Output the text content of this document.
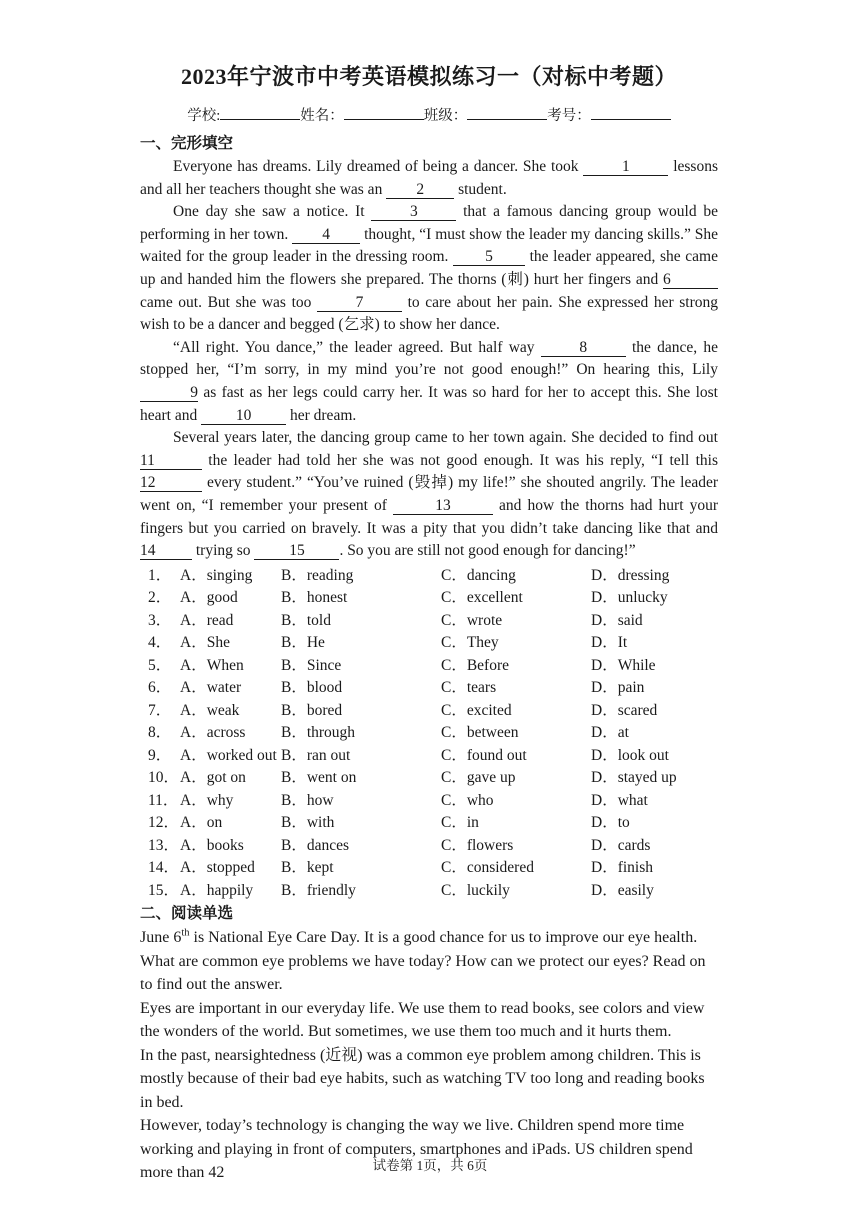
2023年宁波市中考英语模拟练习一（对标中考题）
学校:	姓名：	班级：	考号：
一、完形填空

Everyone has dreams. Lily dreamed of being a dancer. She took 1 lessons and all her teachers thought she was an 2 student.

One day she saw a notice. It 3 that a famous dancing group would be performing in her town. 4 thought, “I must show the leader my dancing skills.” She waited for the group leader in the dressing room. 5 the leader appeared, she came up and handed him the flowers she prepared. The thorns (刺) hurt her fingers and 6 came out. But she was too 7 to care about her pain. She expressed her strong wish to be a dancer and begged (乞求) to show her dance.

“All right. You dance,” the leader agreed. But half way 8 the dance, he stopped her, “I’m sorry, in my mind you’re not good enough!” On hearing this, Lily 9 as fast as her legs could carry her. It was so hard for her to accept this. She lost heart and 10 her dream.

Several years later, the dancing group came to her town again. She decided to find out 11	the leader had told her she was not good enough. It was his reply, “I tell this 12	every student.” “You’ve ruined (毁掉) my life!” she shouted angrily. The leader went on, “I remember your present of	13	and how the thorns had hurt your fingers but you carried on bravely. It was a pity that you didn’t take dancing like that and 14 trying so 15 . So you are still not good enough for dancing!”

1． A．singing	B．reading	C．dancing	D．dressing
2． A．good	B．honest	C．excellent	D．unlucky
3． A．read	B．told	C．wrote	D．said
4． A．She	B．He	C．They	D．It
5． A．When	B．Since	C．Before	D．While
6． A．water	B．blood	C．tears	D．pain
7． A．weak	B．bored	C．excited	D．scared
8． A．across	B．through	C．between	D．at
9． A．worked out B．ran out	C．found out	D．look out
10． A．got on	B．went on	C．gave up	D．stayed up
11． A．why	B．how	C．who	D．what
12． A．on	B．with	C．in	D．to
13． A．books	B．dances	C．flowers	D．cards
14． A．stopped	B．kept	C．considered	D．finish
15． A．happily	B．friendly	C．luckily	D．easily
二、阅读单选

June 6th is National Eye Care Day. It is a good chance for us to improve our eye health. What are common eye problems we have today? How can we protect our eyes? Read on to find out the answer.

Eyes are important in our everyday life. We use them to read books, see colors and view the wonders of the world. But sometimes, we use them too much and it hurts them.

In the past, nearsightedness (近视) was a common eye problem among children. This is mostly because of their bad eye habits, such as watching TV too long and reading books in bed.

However, today’s technology is changing the way we live. Children spend more time working and playing in front of computers, smartphones and iPads. US children spend more than 42	试卷第 1页，共 6页
